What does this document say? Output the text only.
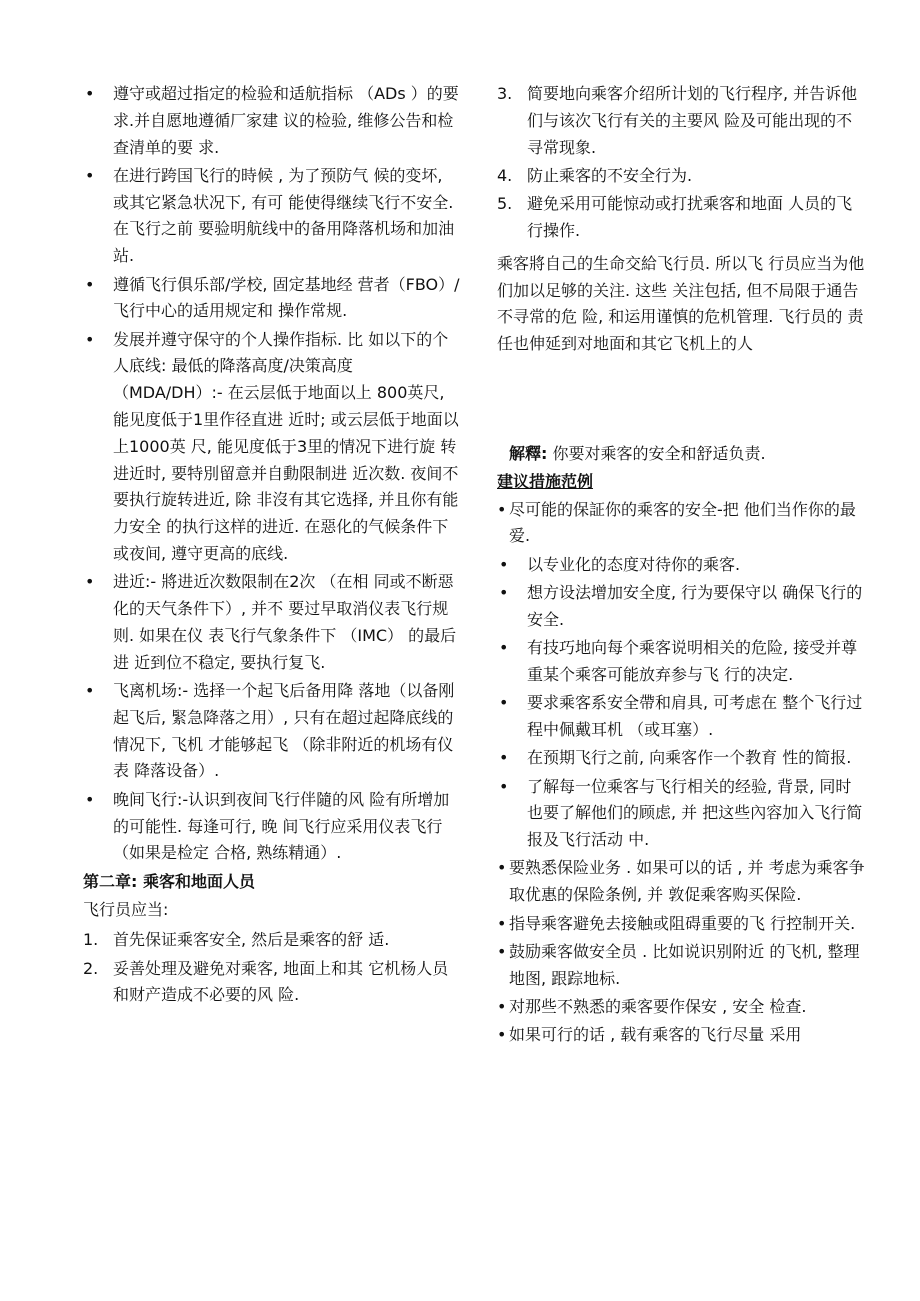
•	遵守或超过指定的检验和适航指标 （ADs ）的要求.并自愿地遵循厂家建 议的检验, 维修公告和检查清单的要 求.
•	在进行跨国飞行的時候 , 为了预防气 候的变坏, 或其它紧急状况下, 有可 能使得继续飞行不安全. 在飞行之前 要验明航线中的备用降落机场和加油 站.
•	遵循飞行俱乐部/学校, 固定基地经 营者（FBO）/飞行中心的适用规定和 操作常规.
•	发展并遵守保守的个人操作指标. 比 如以下的个人底线: 最低的降落高度/决策高度（MDA/DH）:- 在云层低于地面以上 800英尺, 能见度低于1里作径直进 近时; 或云层低于地面以上1000英 尺, 能见度低于3里的情况下进行旋 转进近时, 要特別留意并自動限制进 近次数. 夜间不要执行旋转进近, 除 非沒有其它选择, 并且你有能力安全 的执行这样的进近. 在惡化的气候条件下或夜间, 遵守更高的底线.
•	进近:- 將进近次数限制在2次 （在相 同或不断惡化的天气条件下）, 并不 要过早取消仪表飞行规则. 如果在仪 表飞行气象条件下 （IMC） 的最后进 近到位不稳定, 要执行复飞.
•	飞离机场:- 选择一个起飞后备用降 落地（以备刚起飞后, 緊急降落之用）, 只有在超过起降底线的情况下, 飞机 才能够起飞 （除非附近的机场有仪表 降落设备）.
•	晚间飞行:-认识到夜间飞行伴隨的风 险有所增加的可能性. 每逢可行, 晚 间飞行应采用仪表飞行 （如果是检定 合格, 熟练精通）.
第二章: 乘客和地面人员
飞行员应当:
1. 首先保证乘客安全, 然后是乘客的舒 适.
2. 妥善处理及避免对乘客, 地面上和其 它机杨人员和财产造成不必要的风 险.
3. 简要地向乘客介绍所计划的飞行程序, 并告诉他们与该次飞行有关的主要风 险及可能出现的不寻常现象.
4. 防止乘客的不安全行为.
5. 避免采用可能惊动或打扰乘客和地面 人员的飞行操作.
乘客將自己的生命交給飞行员. 所以飞 行员应当为他们加以足够的关注. 这些 关注包括, 但不局限于通告不寻常的危 险, 和运用谨慎的危机管理. 飞行员的 责任也伸延到对地面和其它飞机上的人
解釋: 你要对乘客的安全和舒适负责.
建议措施范例
• 尽可能的保証你的乘客的安全-把 他们当作你的最爱.
•	以专业化的态度对待你的乘客.
•	想方设法增加安全度, 行为要保守以 确保飞行的安全.
•	有技巧地向每个乘客说明相关的危险, 接受并尊重某个乘客可能放弃参与飞 行的决定.
•	要求乘客系安全帶和肩具, 可考虑在 整个飞行过程中佩戴耳机 （或耳塞）.
•	在预期飞行之前, 向乘客作一个教育 性的简报.
•	了解每一位乘客与飞行相关的经验, 背景, 同时也要了解他们的顾虑, 并 把这些內容加入飞行简报及飞行活动 中.
• 要熟悉保险业务 . 如果可以的话 , 并 考虑为乘客争取优惠的保险条例, 并 敦促乘客购买保险.
• 指导乘客避免去接触或阻碍重要的飞 行控制开关.
• 鼓励乘客做安全员 . 比如说识别附近 的飞机, 整理地图, 跟踪地标.
• 对那些不熟悉的乘客要作保安 , 安全 检查.
• 如果可行的话 , 载有乘客的飞行尽量 采用
